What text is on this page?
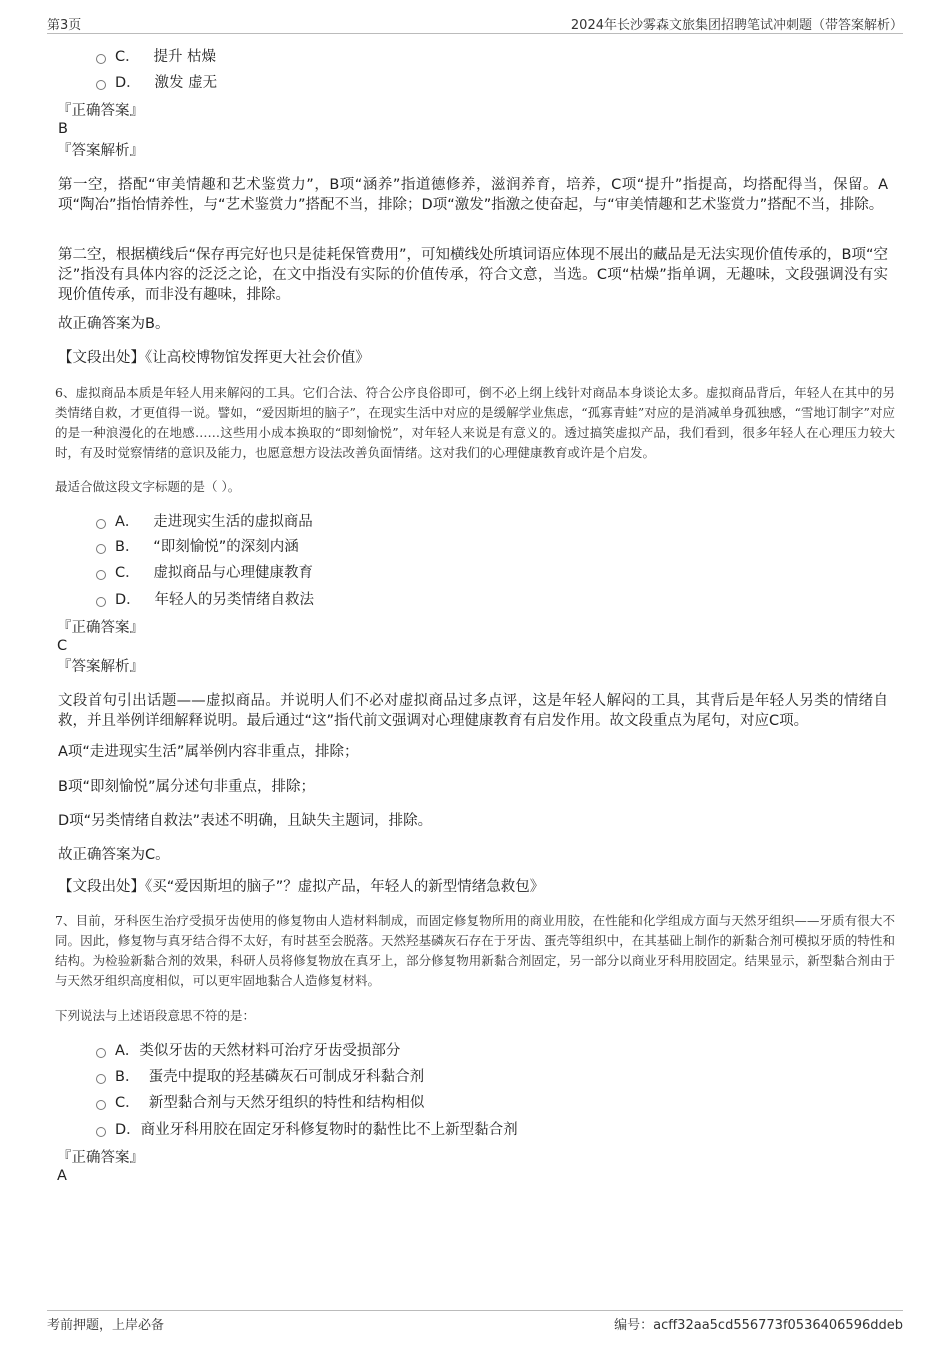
第3页	2024年长沙雾森文旅集团招聘笔试冲刺题（带答案解析）
C． 提升 枯燥
D． 激发 虚无
『正确答案』
B
『答案解析』
第一空，搭配“审美情趣和艺术鉴赏力”，B项“涵养”指道德修养，滋润养育，培养，C项“提升”指提高，均搭配得当，保留。A项“陶冶”指怡情养性，与“艺术鉴赏力”搭配不当，排除；D项“激发”指激之使奋起，与“审美情趣和艺术鉴赏力”搭配不当，排除。
第二空，根据横线后“保存再完好也只是徒耗保管费用”，可知横线处所填词语应体现不展出的藏品是无法实现价值传承的，B项“空泛”指没有具体内容的泛泛之论，在文中指没有实际的价值传承，符合文意，当选。C项“枯燥”指单调，无趣味，文段强调没有实现价值传承，而非没有趣味，排除。
故正确答案为B。
【文段出处】《让高校博物馆发挥更大社会价值》
6、虚拟商品本质是年轻人用来解闷的工具。它们合法、符合公序良俗即可，倒不必上纲上线针对商品本身谈论太多。虚拟商品背后，年轻人在其中的另类情绪自救，才更值得一说。譬如，“爱因斯坦的脑子”，在现实生活中对应的是缓解学业焦虑，“孤寡青蛙”对应的是消减单身孤独感，“雪地订制字”对应的是一种浪漫化的在地感……这些用小成本换取的“即刻愉悦”，对年轻人来说是有意义的。透过搞笑虚拟产品，我们看到，很多年轻人在心理压力较大时，有及时觉察情绪的意识及能力，也愿意想方设法改善负面情绪。这对我们的心理健康教育或许是个启发。
最适合做这段文字标题的是（ ）。
A． 走进现实生活的虚拟商品
B． “即刻愉悦”的深刻内涵
C． 虚拟商品与心理健康教育
D． 年轻人的另类情绪自救法
『正确答案』
C
『答案解析』
文段首句引出话题——虚拟商品。并说明人们不必对虚拟商品过多点评，这是年轻人解闷的工具，其背后是年轻人另类的情绪自救，并且举例详细解释说明。最后通过“这”指代前文强调对心理健康教育有启发作用。故文段重点为尾句，对应C项。
A项“走进现实生活”属举例内容非重点，排除；
B项“即刻愉悦”属分述句非重点，排除；
D项“另类情绪自救法”表述不明确，且缺失主题词，排除。
故正确答案为C。
【文段出处】《买“爱因斯坦的脑子”？虚拟产品，年轻人的新型情绪急救包》
7、目前，牙科医生治疗受损牙齿使用的修复物由人造材料制成，而固定修复物所用的商业用胶，在性能和化学组成方面与天然牙组织——牙质有很大不同。因此，修复物与真牙结合得不太好，有时甚至会脱落。天然羟基磷灰石存在于牙齿、蛋壳等组织中，在其基础上制作的新黏合剂可模拟牙质的特性和结构。为检验新黏合剂的效果，科研人员将修复物放在真牙上，部分修复物用新黏合剂固定，另一部分以商业牙科用胶固定。结果显示，新型黏合剂由于与天然牙组织高度相似，可以更牢固地黏合人造修复材料。
下列说法与上述语段意思不符的是：
A．类似牙齿的天然材料可治疗牙齿受损部分
B． 蛋壳中提取的羟基磷灰石可制成牙科黏合剂
C． 新型黏合剂与天然牙组织的特性和结构相似
D．商业牙科用胶在固定牙科修复物时的黏性比不上新型黏合剂
『正确答案』
A
考前押题，上岸必备	编号：acff32aa5cd556773f0536406596ddeb
